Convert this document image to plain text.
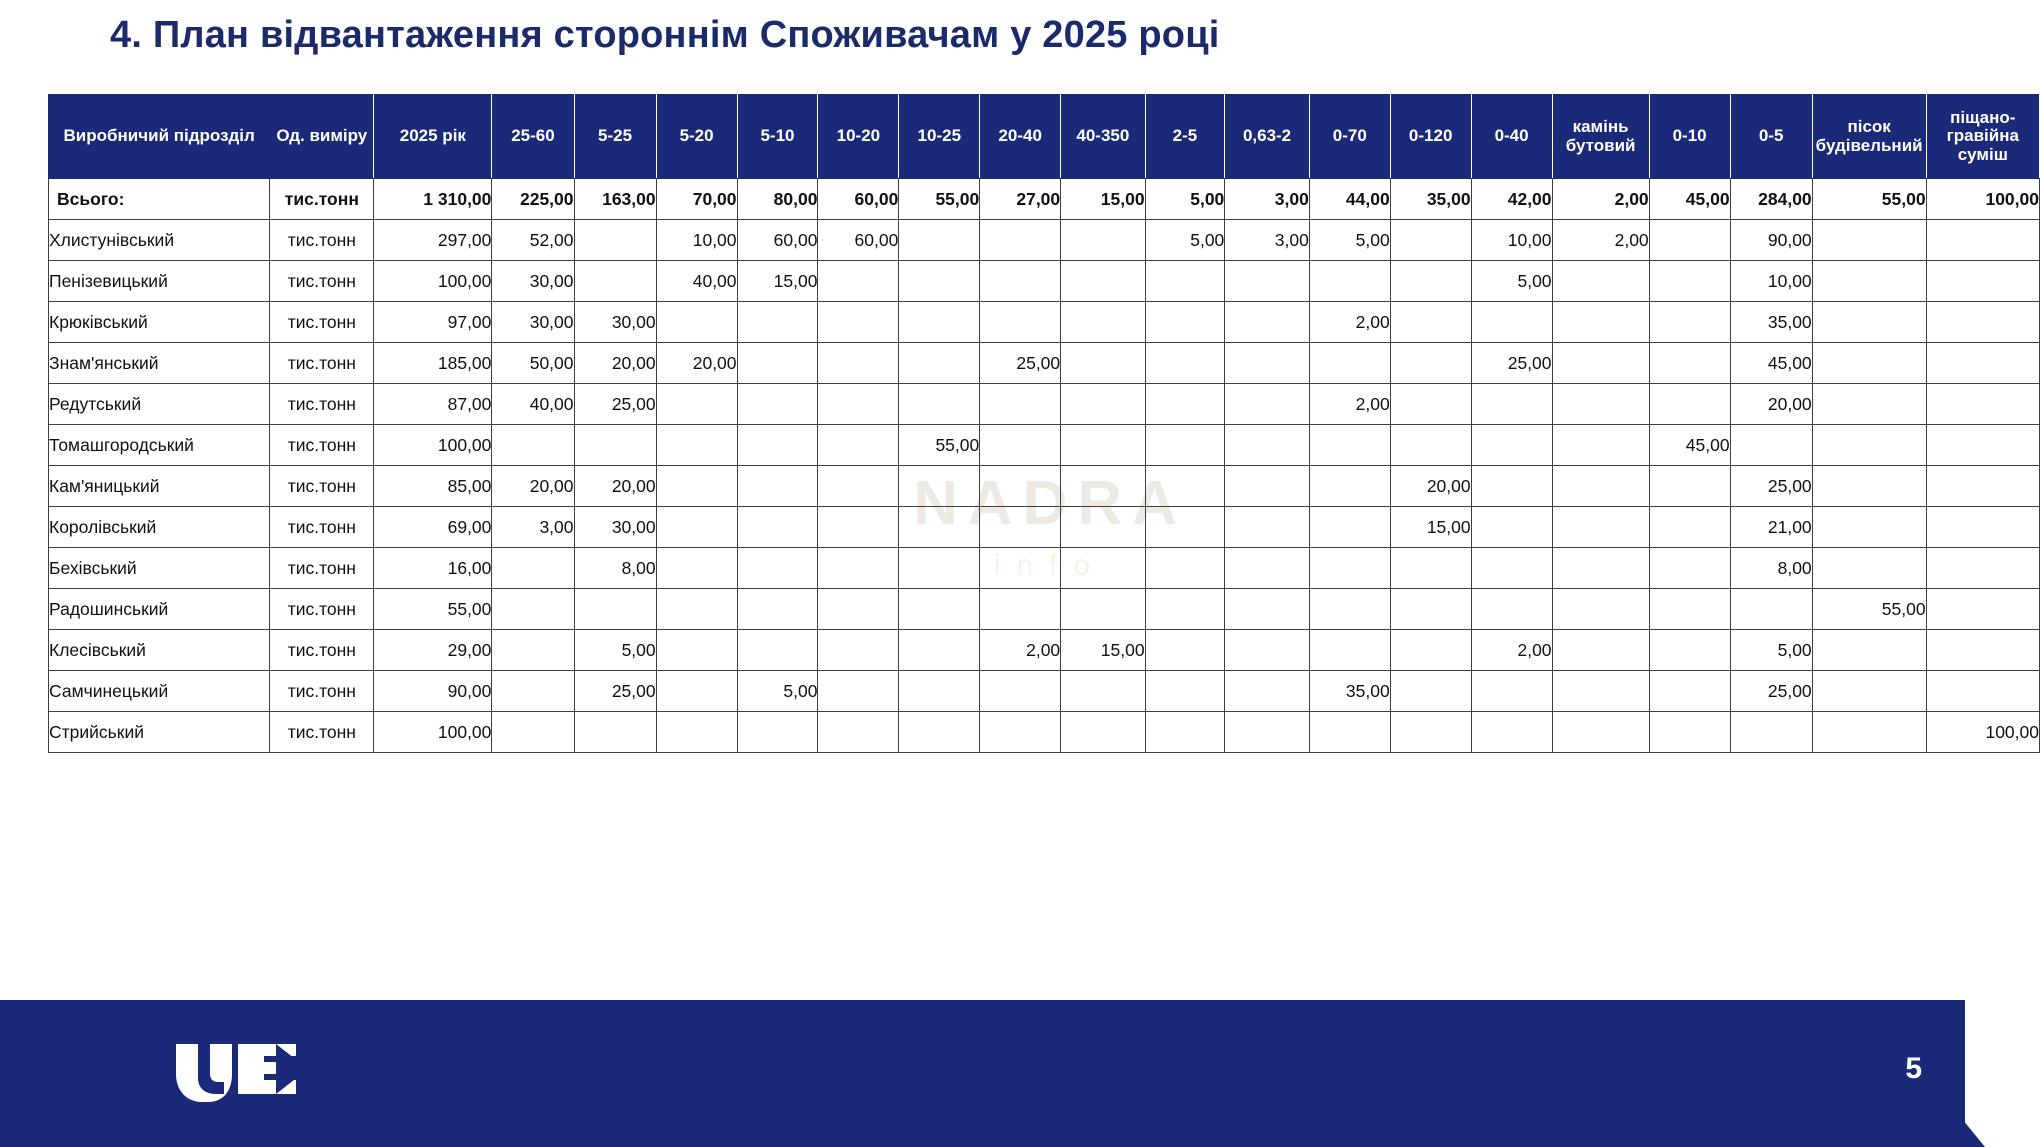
4. План відвантаження стороннім Споживачам у 2025 році
NADRA
info
Виробничий підрозділ	Од. виміру	2025 рік	25-60	5-25	5-20	5-10	10-20	10-25	20-40	40-350	2-5	0,63-2	0-70	0-120	0-40	камінь бутовий	0-10	0-5	пісок будівельний	піщано-гравійна суміш
Всього:	тис.тонн	1 310,00	225,00	163,00	70,00	80,00	60,00	55,00	27,00	15,00	5,00	3,00	44,00	35,00	42,00	2,00	45,00	284,00	55,00	100,00
Хлистунівський	тис.тонн	297,00	52,00		10,00	60,00	60,00				5,00	3,00	5,00		10,00	2,00		90,00		
Пенізевицький	тис.тонн	100,00	30,00		40,00	15,00									5,00			10,00		
Крюківський	тис.тонн	97,00	30,00	30,00									2,00					35,00		
Знам'янський	тис.тонн	185,00	50,00	20,00	20,00				25,00						25,00			45,00		
Редутський	тис.тонн	87,00	40,00	25,00									2,00					20,00		
Томашгородський	тис.тонн	100,00						55,00									45,00			
Кам'яницький	тис.тонн	85,00	20,00	20,00										20,00				25,00		
Королівський	тис.тонн	69,00	3,00	30,00										15,00				21,00		
Бехівський	тис.тонн	16,00		8,00														8,00		
Радошинський	тис.тонн	55,00																	55,00	
Клесівський	тис.тонн	29,00		5,00					2,00	15,00					2,00			5,00		
Самчинецький	тис.тонн	90,00		25,00		5,00							35,00					25,00		
Стрийський	тис.тонн	100,00																		100,00
5
